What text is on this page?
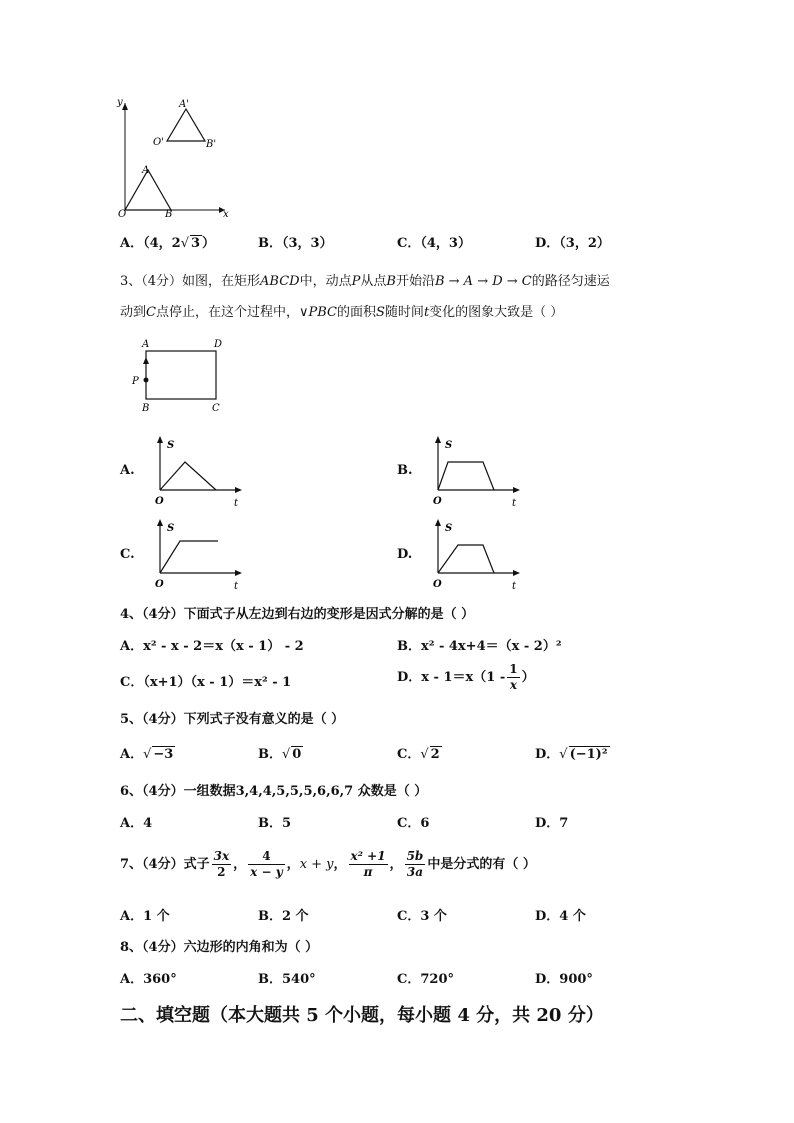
x
y
O
A
B
A'
B'
O'
A．（4，2√ 3 ）	B．（3，3）	C．（4，3）	D．（3，2）
3、（4分）如图，在矩形ABCD中，动点P从点B开始沿B → A → D → C的路径匀速运
动到C点停止，在这个过程中，∨PBC的面积S随时间t变化的图象大致是（ ）
A	D
P
B	C
A.
S
O	t
B.
S
O	t
C.
S
O	t
D.
S
O	t
4、（4分）下面式子从左边到右边的变形是因式分解的是（ ）
A．x² - x - 2＝x（x - 1） - 2	B．x² - 4x+4＝（x - 2）²
C．（x+1）（x - 1）＝x² - 1	D．$x - 1=x(1 - \frac{1}{x}$ ）
5、（4分）下列式子没有意义的是（ ）
A．√ −3	B．√ 0	C．√ 2	D．√ (−1)²
6、（4分）一组数据3,4,4,5,5,5,6,6,7 众数是（ ）
A．4	B．5	C．6	D．7
7、（4分）式子 $\frac{3x}{2}$ ， $\frac{4}{x - y}$ ，x + y， $\frac{\text{x² +1}}{\pi}$ ， $\frac{5b}{3a}$ 中是分式的有（ ）
A．1 个	B．2 个	C．3 个	D．4 个
8、（4分）六边形的内角和为（ ）
A．360°	B．540°	C．720°	D．900°
二、填空题（本大题共 5 个小题，每小题 4 分，共 20 分）
